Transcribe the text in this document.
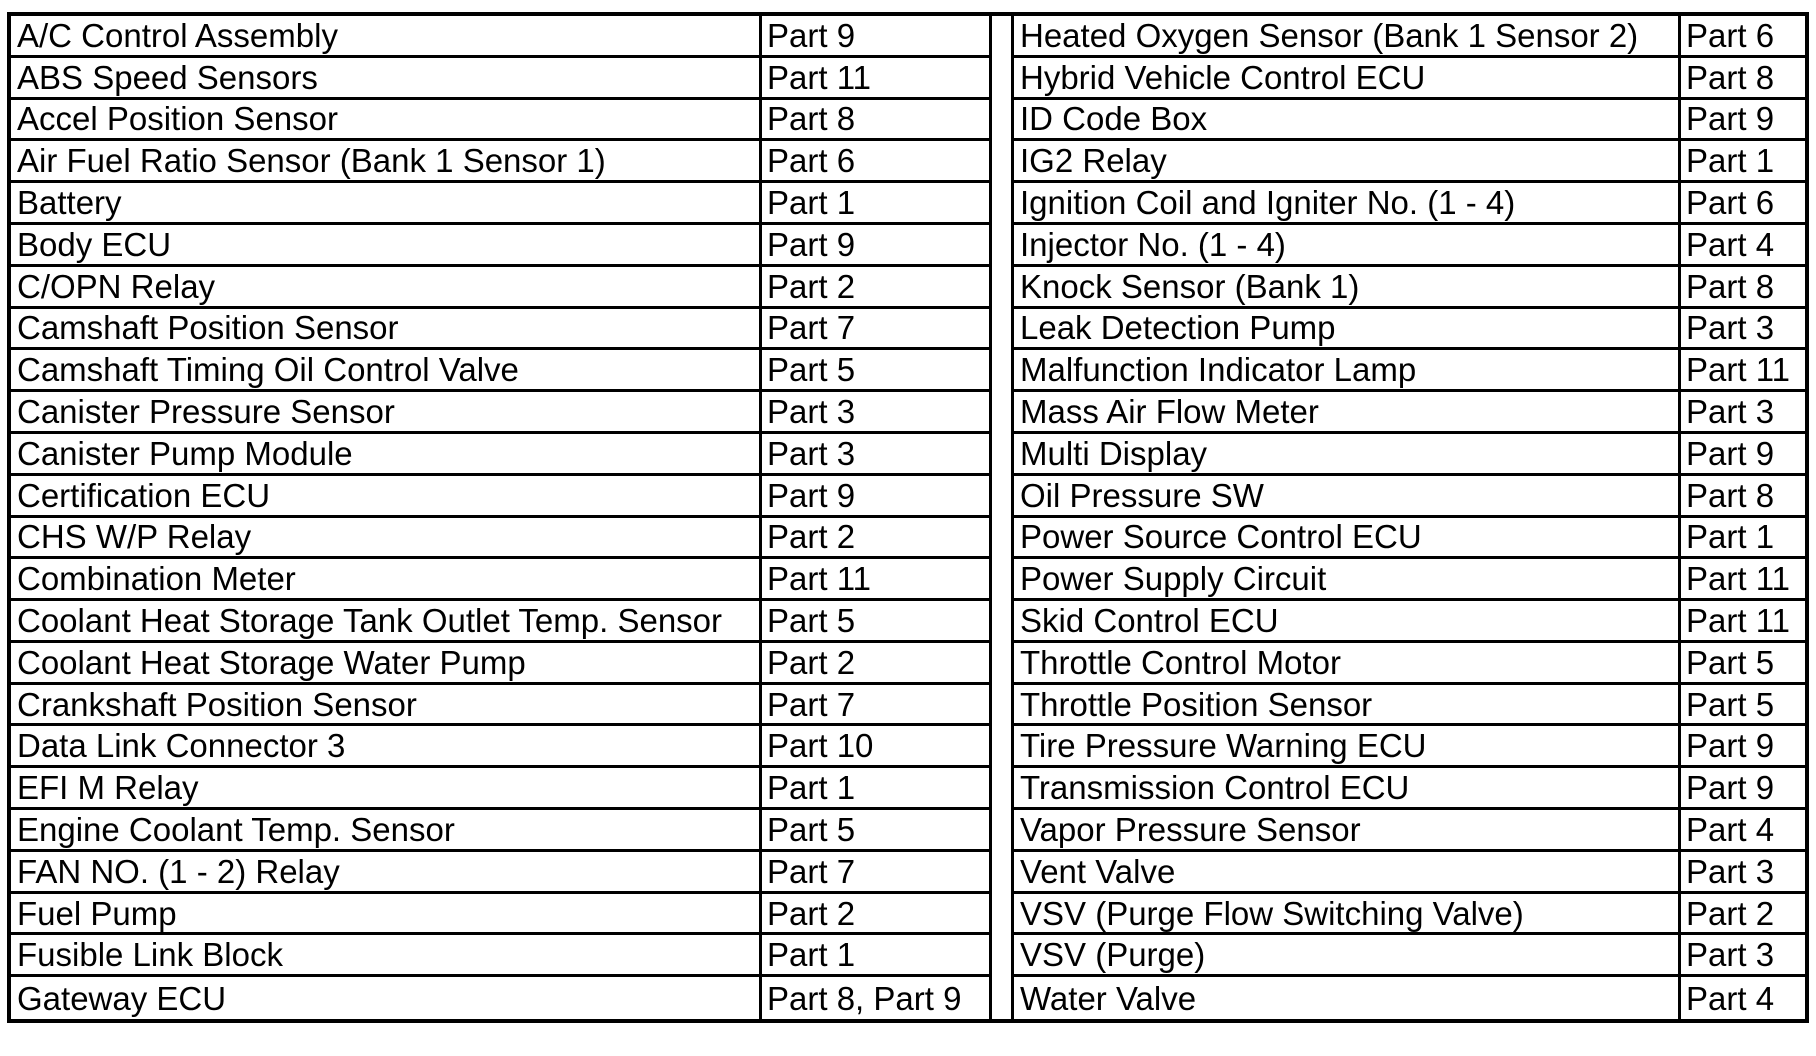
A/C Control Assembly	Part 9
ABS Speed Sensors	Part 11
Accel Position Sensor	Part 8
Air Fuel Ratio Sensor (Bank 1 Sensor 1)	Part 6
Battery	Part 1
Body ECU	Part 9
C/OPN Relay	Part 2
Camshaft Position Sensor	Part 7
Camshaft Timing Oil Control Valve	Part 5
Canister Pressure Sensor	Part 3
Canister Pump Module	Part 3
Certification ECU	Part 9
CHS W/P Relay	Part 2
Combination Meter	Part 11
Coolant Heat Storage Tank Outlet Temp. Sensor	Part 5
Coolant Heat Storage Water Pump	Part 2
Crankshaft Position Sensor	Part 7
Data Link Connector 3	Part 10
EFI M Relay	Part 1
Engine Coolant Temp. Sensor	Part 5
FAN NO. (1 - 2) Relay	Part 7
Fuel Pump	Part 2
Fusible Link Block	Part 1
Gateway ECU	Part 8, Part 9
Heated Oxygen Sensor (Bank 1 Sensor 2)	Part 6
Hybrid Vehicle Control ECU	Part 8
ID Code Box	Part 9
IG2 Relay	Part 1
Ignition Coil and Igniter No. (1 - 4)	Part 6
Injector No. (1 - 4)	Part 4
Knock Sensor (Bank 1)	Part 8
Leak Detection Pump	Part 3
Malfunction Indicator Lamp	Part 11
Mass Air Flow Meter	Part 3
Multi Display	Part 9
Oil Pressure SW	Part 8
Power Source Control ECU	Part 1
Power Supply Circuit	Part 11
Skid Control ECU	Part 11
Throttle Control Motor	Part 5
Throttle Position Sensor	Part 5
Tire Pressure Warning ECU	Part 9
Transmission Control ECU	Part 9
Vapor Pressure Sensor	Part 4
Vent Valve	Part 3
VSV (Purge Flow Switching Valve)	Part 2
VSV (Purge)	Part 3
Water Valve	Part 4
